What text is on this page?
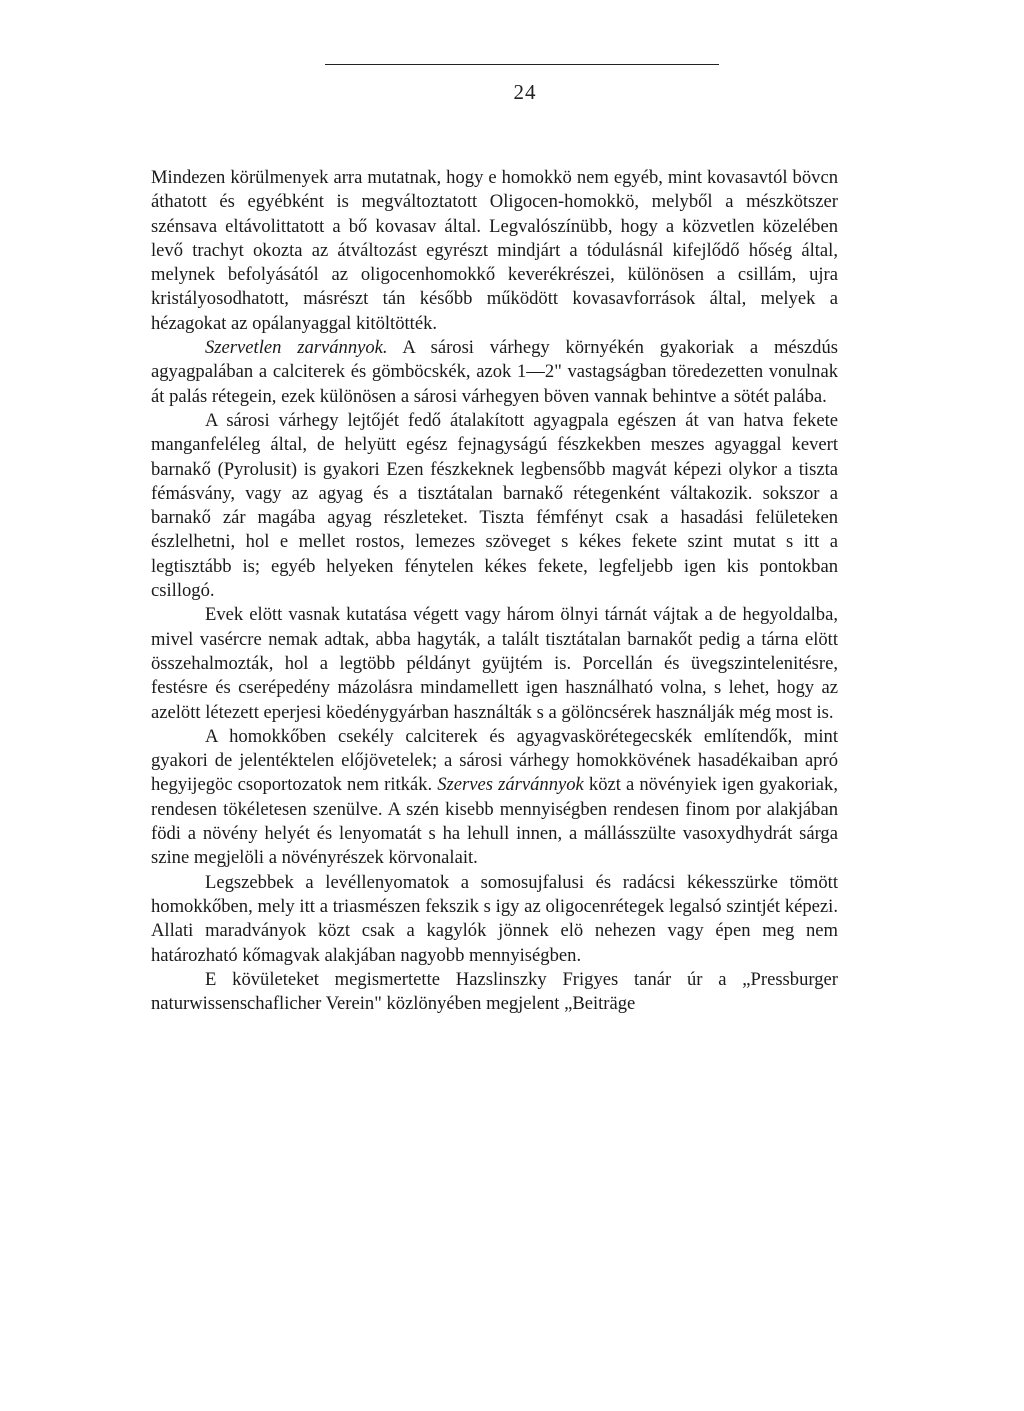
24

Mindezen körülmenyek arra mutatnak, hogy e homokkö nem egyéb, mint kovasavtól bövcn áthatott és egyébként is megváltoztatott Oligocen-homokkö, melyből a mészkötszer szénsava eltávolittatott a bő kovasav által. Legvalószínübb, hogy a közvetlen közelében levő trachyt okozta az átváltozást egyrészt mindjárt a tódulásnál kifejlődő hőség által, melynek befolyásától az oligocenhomokkő keverékrészei, különösen a csillám, ujra kristályosodhatott, másrészt tán később működött kovasavforrások által, melyek a hézagokat az opálanyaggal kitöltötték.

Szervetlen zarvánnyok. A sárosi várhegy környékén gyakoriak a mészdús agyagpalában a calciterek és gömböcskék, azok 1—2" vastagságban töredezetten vonulnak át palás rétegein, ezek különösen a sárosi várhegyen böven vannak behintve a sötét palába.

A sárosi várhegy lejtőjét fedő átalakított agyagpala egészen át van hatva fekete manganfeléleg által, de helyütt egész fejnagyságú fészkekben meszes agyaggal kevert barnakő (Pyrolusit) is gyakori Ezen fészkeknek legbensőbb magvát képezi olykor a tiszta fémásvány, vagy az agyag és a tisztátalan barnakő rétegenként váltakozik. sokszor a barnakő zár magába agyag részleteket. Tiszta fémfényt csak a hasadási felületeken észlelhetni, hol e mellet rostos, lemezes szöveget s kékes fekete szint mutat s itt a legtisztább is; egyéb helyeken fénytelen kékes fekete, legfeljebb igen kis pontokban csillogó.

Evek elött vasnak kutatása végett vagy három ölnyi tárnát vájtak a de hegyoldalba, mivel vasércre nemak adtak, abba hagyták, a talált tisztátalan barnakőt pedig a tárna elött összehalmozták, hol a legtöbb példányt gyüjtém is. Porcellán és üvegszintelenitésre, festésre és cserépedény mázolásra mindamellett igen használható volna, s lehet, hogy az azelött létezett eperjesi köedénygyárban használták s a gölöncsérek használják még most is.

A homokkőben csekély calciterek és agyagvaskörétegecskék említendők, mint gyakori de jelentéktelen előjövetelek; a sárosi várhegy homokkövének hasadékaiban apró hegyijegöc csoportozatok nem ritkák. Szerves zárvánnyok közt a növényiek igen gyakoriak, rendesen tökéletesen szenülve. A szén kisebb mennyiségben rendesen finom por alakjában födi a növény helyét és lenyomatát s ha lehull innen, a mállásszülte vasoxydhydrát sárga szine megjelöli a növényrészek körvonalait.

Legszebbek a levéllenyomatok a somosujfalusi és radácsi kékesszürke tömött homokkőben, mely itt a triasmészen fekszik s igy az oligocenrétegek legalsó szintjét képezi. Allati maradványok közt csak a kagylók jönnek elö nehezen vagy épen meg nem határozható kőmagvak alakjában nagyobb mennyiségben.

E kövületeket megismertette Hazslinszky Frigyes tanár úr a „Pressburger naturwissenschaflicher Verein" közlönyében megjelent „Beiträge
